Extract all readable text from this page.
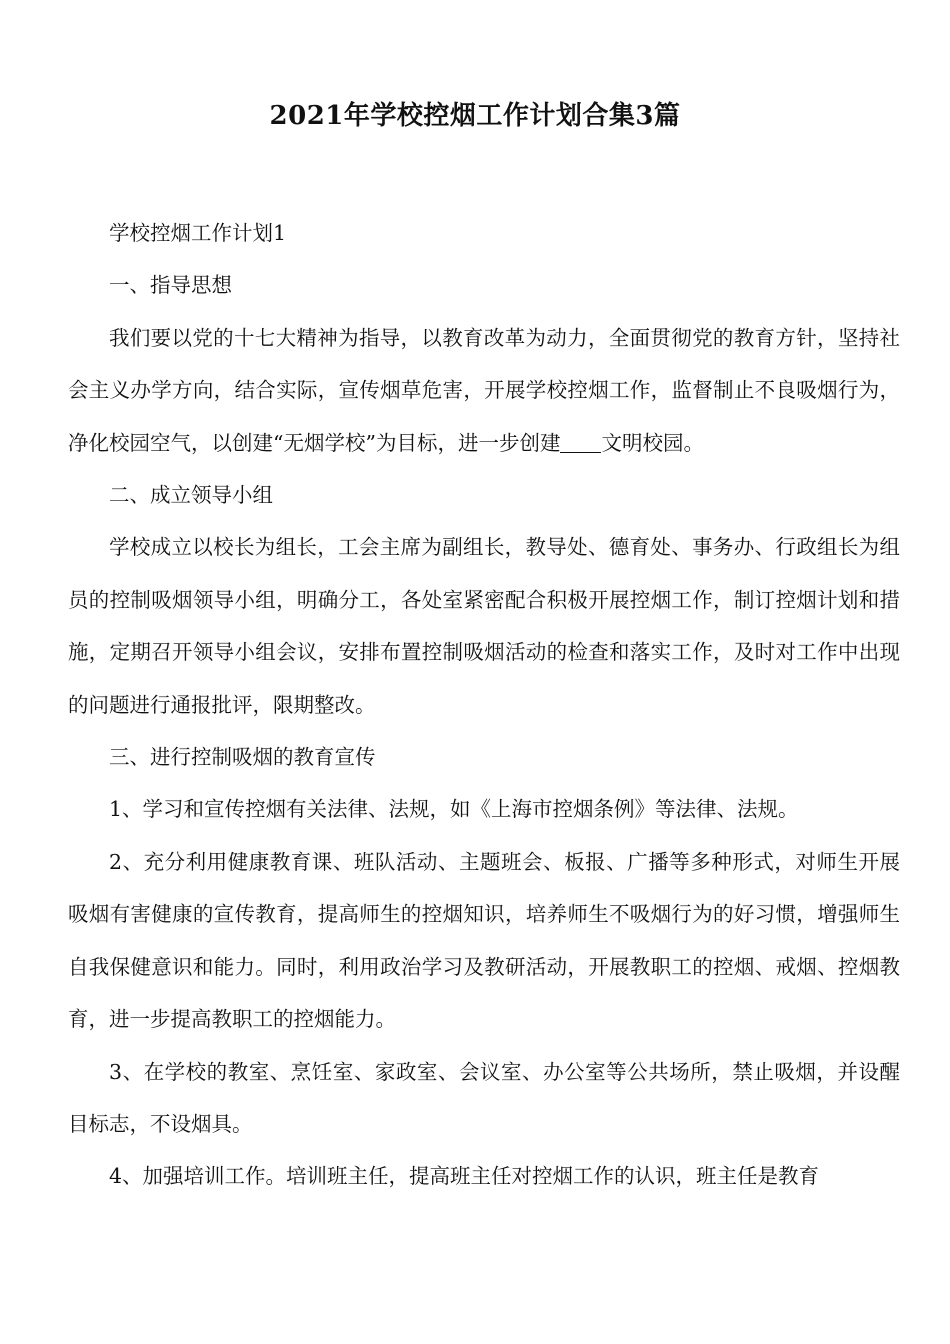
2021年学校控烟工作计划合集3篇

学校控烟工作计划1

一、指导思想

我们要以党的十七大精神为指导，以教育改革为动力，全面贯彻党的教育方针，坚持社会主义办学方向，结合实际，宣传烟草危害，开展学校控烟工作，监督制止不良吸烟行为，净化校园空气，以创建“无烟学校”为目标，进一步创建 文明校园。

二、成立领导小组

学校成立以校长为组长，工会主席为副组长，教导处、德育处、事务办、行政组长为组员的控制吸烟领导小组，明确分工，各处室紧密配合积极开展控烟工作，制订控烟计划和措施，定期召开领导小组会议，安排布置控制吸烟活动的检查和落实工作，及时对工作中出现的问题进行通报批评，限期整改。

三、进行控制吸烟的教育宣传

1、学习和宣传控烟有关法律、法规，如《上海市控烟条例》等法律、法规。

2、充分利用健康教育课、班队活动、主题班会、板报、广播等多种形式，对师生开展吸烟有害健康的宣传教育，提高师生的控烟知识，培养师生不吸烟行为的好习惯，增强师生自我保健意识和能力。同时，利用政治学习及教研活动，开展教职工的控烟、戒烟、控烟教育，进一步提高教职工的控烟能力。

3、在学校的教室、烹饪室、家政室、会议室、办公室等公共场所，禁止吸烟，并设醒目标志，不设烟具。

4、加强培训工作。培训班主任，提高班主任对控烟工作的认识，班主任是教育
